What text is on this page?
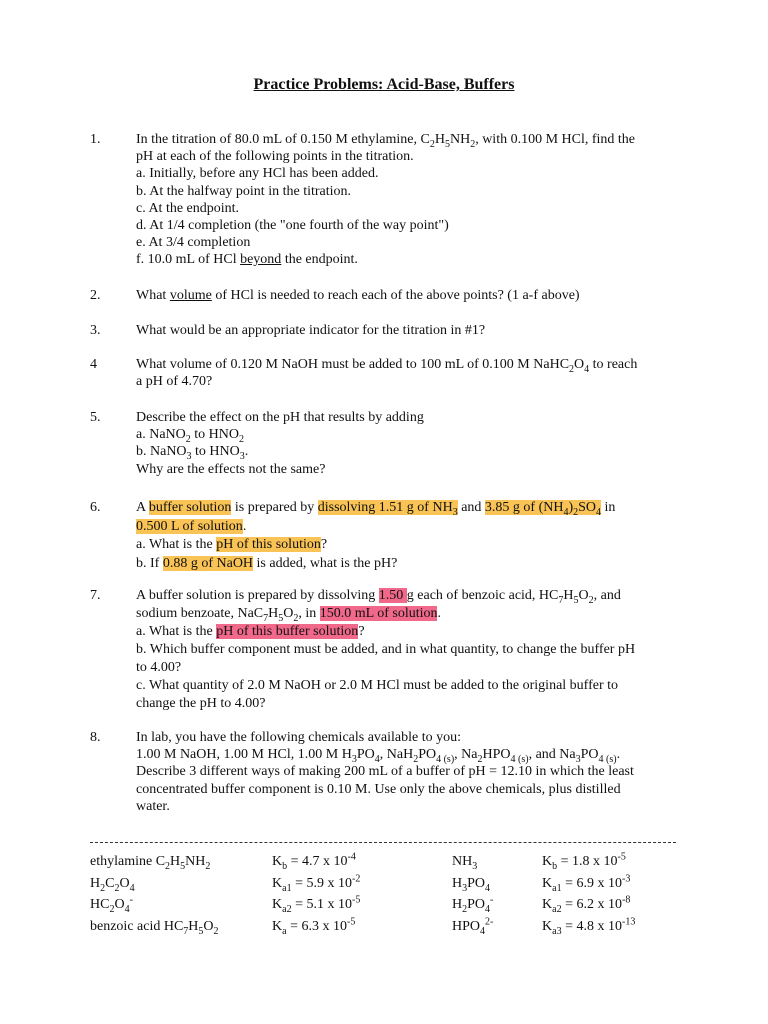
Practice Problems: Acid-Base, Buffers
1.	In the titration of 80.0 mL of 0.150 M ethylamine, $C_2H_5NH_2$, with 0.100 M HCl, find the
pH at each of the following points in the titration.
a. Initially, before any HCl has been added.
b. At the halfway point in the titration.
c. At the endpoint.
d. At 1/4 completion (the "one fourth of the way point")
e. At 3/4 completion
f. 10.0 mL of HCl beyond the endpoint.
2.	What volume of HCl is needed to reach each of the above points? (1 a-f above)
3.	What would be an appropriate indicator for the titration in #1?
4	What volume of 0.120 M NaOH must be added to 100 mL of 0.100 M $NaHC_2O_4$ to reach
a pH of 4.70?
5.	Describe the effect on the pH that results by adding
a. NaNO$_2$ to $HNO_2$
b. NaNO$_3$ to $HNO_3$.
Why are the effects not the same?
6.	A buffer solution is prepared by dissolving 1.51 g of $NH_3$ and 3.85 g of $(NH_4)_2SO_4$ in
0.500 L of solution.
a. What is the pH of this solution?
b. If 0.88 g of NaOH is added, what is the pH?
7.	A buffer solution is prepared by dissolving 1.50 g each of benzoic acid, $HC_7H_5O_2$, and
sodium benzoate, $NaC_7H_5O_2$, in 150.0 mL of solution.
a. What is the pH of this buffer solution?
b. Which buffer component must be added, and in what quantity, to change the buffer pH
to 4.00?
c. What quantity of 2.0 M NaOH or 2.0 M HCl must be added to the original buffer to
change the pH to 4.00?
8.	In lab, you have the following chemicals available to you:
1.00 M NaOH, 1.00 M HCl, 1.00 M $H_3PO_4$, $NaH_2PO_{4 (s)}$, $Na_2HPO_{4 (s)}$, and $Na_3PO_{4 (s)}$.
Describe 3 different ways of making 200 mL of a buffer of pH = 12.10 in which the least
concentrated buffer component is 0.10 M. Use only the above chemicals, plus distilled
water.
ethylamine $C_2H_5NH_2$	$K_b = 4.7$ x $10^{-4}$	$NH_3$	$K_b = 1.8$ x $10^{-5}$
$H_2C_2O_4$	$K_{a1} = 5.9$ x $10^{-2}$	$H_3PO_4$	$K_{a1} = 6.9$ x $10^{-3}$
$HC_2O_4^-$	$K_{a2} = 5.1$ x $10^{-5}$	$H_2PO_4^-$	$K_{a2} = 6.2$ x $10^{-8}$
benzoic acid $HC_7H_5O_2$	$K_a = 6.3$ x $10^{-5}$	$HPO_4^{2-}$	$K_{a3} = 4.8$ x $10^{-13}$
